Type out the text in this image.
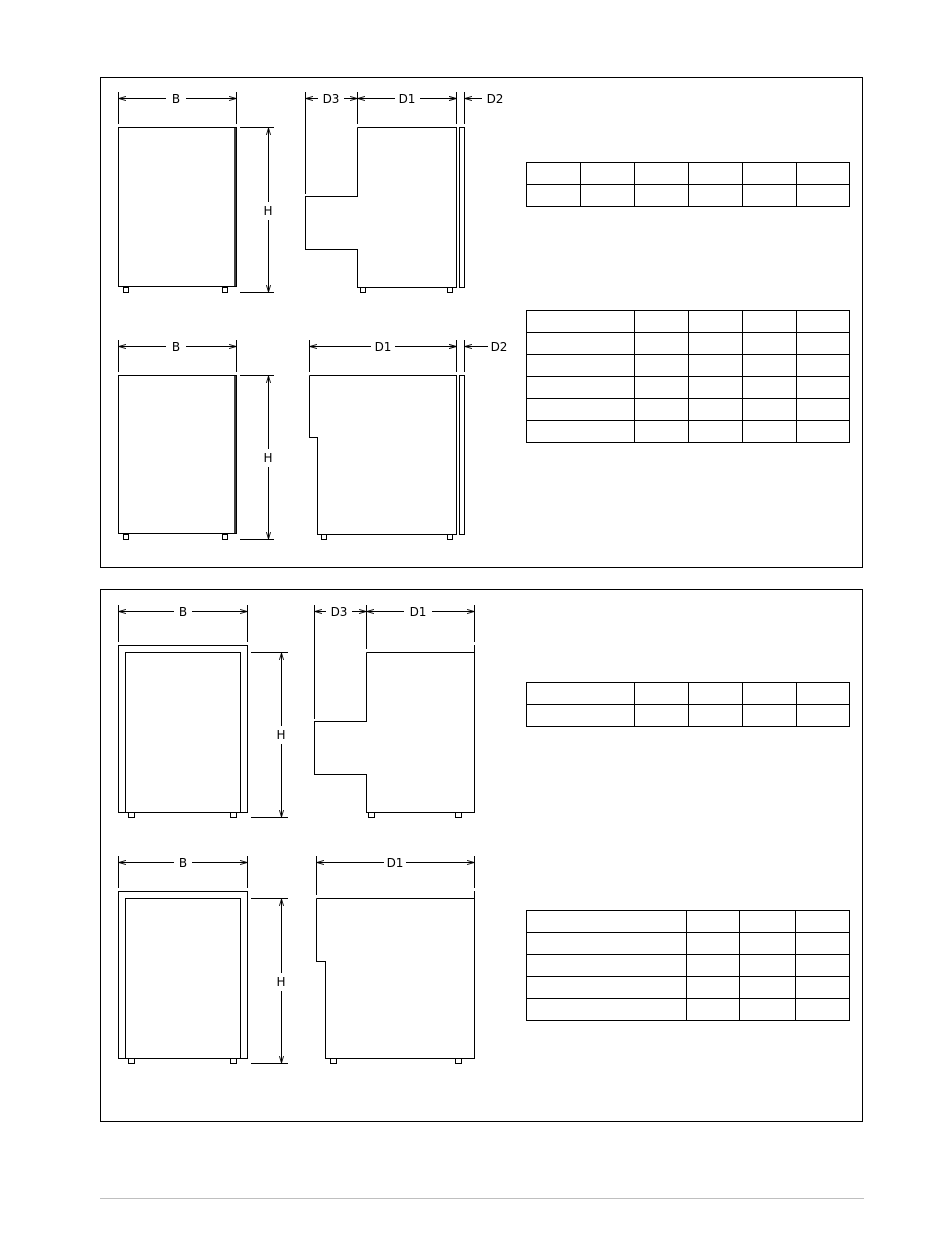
B
H
D3	D1	D2
B
H
D1	D2
B
H
D3	D1
B
H
D1
